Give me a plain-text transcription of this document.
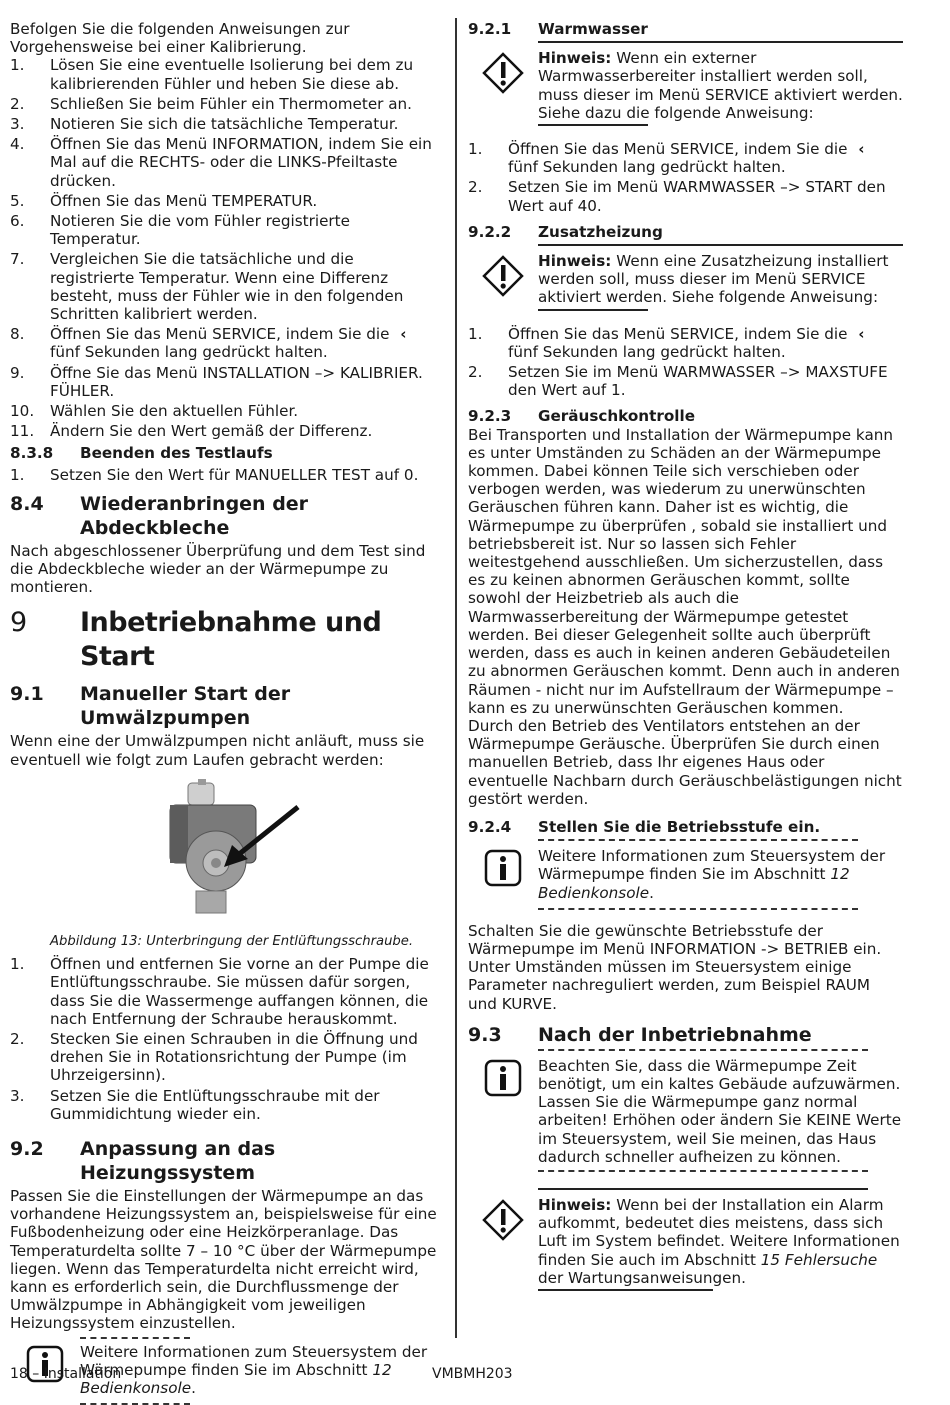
Befolgen Sie die folgenden Anweisungen zur Vorgehensweise bei einer Kalibrierung.

1. Lösen Sie eine eventuelle Isolierung bei dem zu kalibrierenden Fühler und heben Sie diese ab.
2. Schließen Sie beim Fühler ein Thermometer an.
3. Notieren Sie sich die tatsächliche Temperatur.
4. Öffnen Sie das Menü INFORMATION, indem Sie ein Mal auf die RECHTS- oder die LINKS-Pfeiltaste drücken.
5. Öffnen Sie das Menü TEMPERATUR.
6. Notieren Sie die vom Fühler registrierte Temperatur.
7. Vergleichen Sie die tatsächliche und die registrierte Temperatur. Wenn eine Differenz besteht, muss der Fühler wie in den folgenden Schritten kalibriert werden.
8. Öffnen Sie das Menü SERVICE, indem Sie die ‹ fünf Sekunden lang gedrückt halten.
9. Öffne Sie das Menü INSTALLATION –> KALIBRIER. FÜHLER.
10. Wählen Sie den aktuellen Fühler.
11. Ändern Sie den Wert gemäß der Differenz.
8.3.8	Beenden des Testlaufs
1. Setzen Sie den Wert für MANUELLER TEST auf 0.
8.4	Wiederanbringen der Abdeckbleche

Nach abgeschlossener Überprüfung und dem Test sind die Abdeckbleche wieder an der Wärmepumpe zu montieren.

9	Inbetriebnahme und Start
9.1	Manueller Start der Umwälzpumpen

Wenn eine der Umwälzpumpen nicht anläuft, muss sie eventuell wie folgt zum Laufen gebracht werden:

Abbildung 13: Unterbringung der Entlüftungsschraube.

1. Öffnen und entfernen Sie vorne an der Pumpe die Entlüftungsschraube. Sie müssen dafür sorgen, dass Sie die Wassermenge auffangen können, die nach Entfernung der Schraube herauskommt.
2. Stecken Sie einen Schrauben in die Öffnung und drehen Sie in Rotationsrichtung der Pumpe (im Uhrzeigersinn).
3. Setzen Sie die Entlüftungsschraube mit der Gummidichtung wieder ein.
9.2	Anpassung an das Heizungssystem

Passen Sie die Einstellungen der Wärmepumpe an das vorhandene Heizungssystem an, beispielsweise für eine Fußbodenheizung oder eine Heizkörperanlage. Das Temperaturdelta sollte 7 – 10 °C über der Wärmepumpe liegen. Wenn das Temperaturdelta nicht erreicht wird, kann es erforderlich sein, die Durchflussmenge der Umwälzpumpe in Abhängigkeit vom jeweiligen Heizungssystem einzustellen.

Weitere Informationen zum Steuersystem der Wärmepumpe finden Sie im Abschnitt 12 Bedienkonsole.
9.2.1	Warmwasser
Hinweis: Wenn ein externer Warmwasserbereiter installiert werden soll, muss dieser im Menü SERVICE aktiviert werden. Siehe dazu die folgende Anweisung:
1. Öffnen Sie das Menü SERVICE, indem Sie die ‹ fünf Sekunden lang gedrückt halten.
2. Setzen Sie im Menü WARMWASSER –> START den Wert auf 40.
9.2.2	Zusatzheizung
Hinweis: Wenn eine Zusatzheizung installiert werden soll, muss dieser im Menü SERVICE aktiviert werden. Siehe folgende Anweisung:
1. Öffnen Sie das Menü SERVICE, indem Sie die ‹ fünf Sekunden lang gedrückt halten.
2. Setzen Sie im Menü WARMWASSER –> MAXSTUFE den Wert auf 1.
9.2.3	Geräuschkontrolle

Bei Transporten und Installation der Wärmepumpe kann es unter Umständen zu Schäden an der Wärmepumpe kommen. Dabei können Teile sich verschieben oder verbogen werden, was wiederum zu unerwünschten Geräuschen führen kann. Daher ist es wichtig, die Wärmepumpe zu überprüfen , sobald sie installiert und betriebsbereit ist. Nur so lassen sich Fehler weitestgehend ausschließen. Um sicherzustellen, dass es zu keinen abnormen Geräuschen kommt, sollte sowohl der Heizbetrieb als auch die Warmwasserbereitung der Wärmepumpe getestet werden. Bei dieser Gelegenheit sollte auch überprüft werden, dass es auch in keinen anderen Gebäudeteilen zu abnormen Geräuschen kommt. Denn auch in anderen Räumen - nicht nur im Aufstellraum der Wärmepumpe – kann es zu unerwünschten Geräuschen kommen.

Durch den Betrieb des Ventilators entstehen an der Wärmepumpe Geräusche. Überprüfen Sie durch einen manuellen Betrieb, dass Ihr eigenes Haus oder eventuelle Nachbarn durch Geräuschbelästigungen nicht gestört werden.

9.2.4	Stellen Sie die Betriebsstufe ein.
Weitere Informationen zum Steuersystem der Wärmepumpe finden Sie im Abschnitt 12 Bedienkonsole.

Schalten Sie die gewünschte Betriebsstufe der Wärmepumpe im Menü INFORMATION -> BETRIEB ein. Unter Umständen müssen im Steuersystem einige Parameter nachreguliert werden, zum Beispiel RAUM und KURVE.

9.3	Nach der Inbetriebnahme
Beachten Sie, dass die Wärmepumpe Zeit benötigt, um ein kaltes Gebäude aufzuwärmen. Lassen Sie die Wärmepumpe ganz normal arbeiten! Erhöhen oder ändern Sie KEINE Werte im Steuersystem, weil Sie meinen, das Haus dadurch schneller aufheizen zu können.
Hinweis: Wenn bei der Installation ein Alarm aufkommt, bedeutet dies meistens, dass sich Luft im System befindet. Weitere Informationen finden Sie auch im Abschnitt 15 Fehlersuche der Wartungsanweisungen.
18 – Installation	VMBMH203
